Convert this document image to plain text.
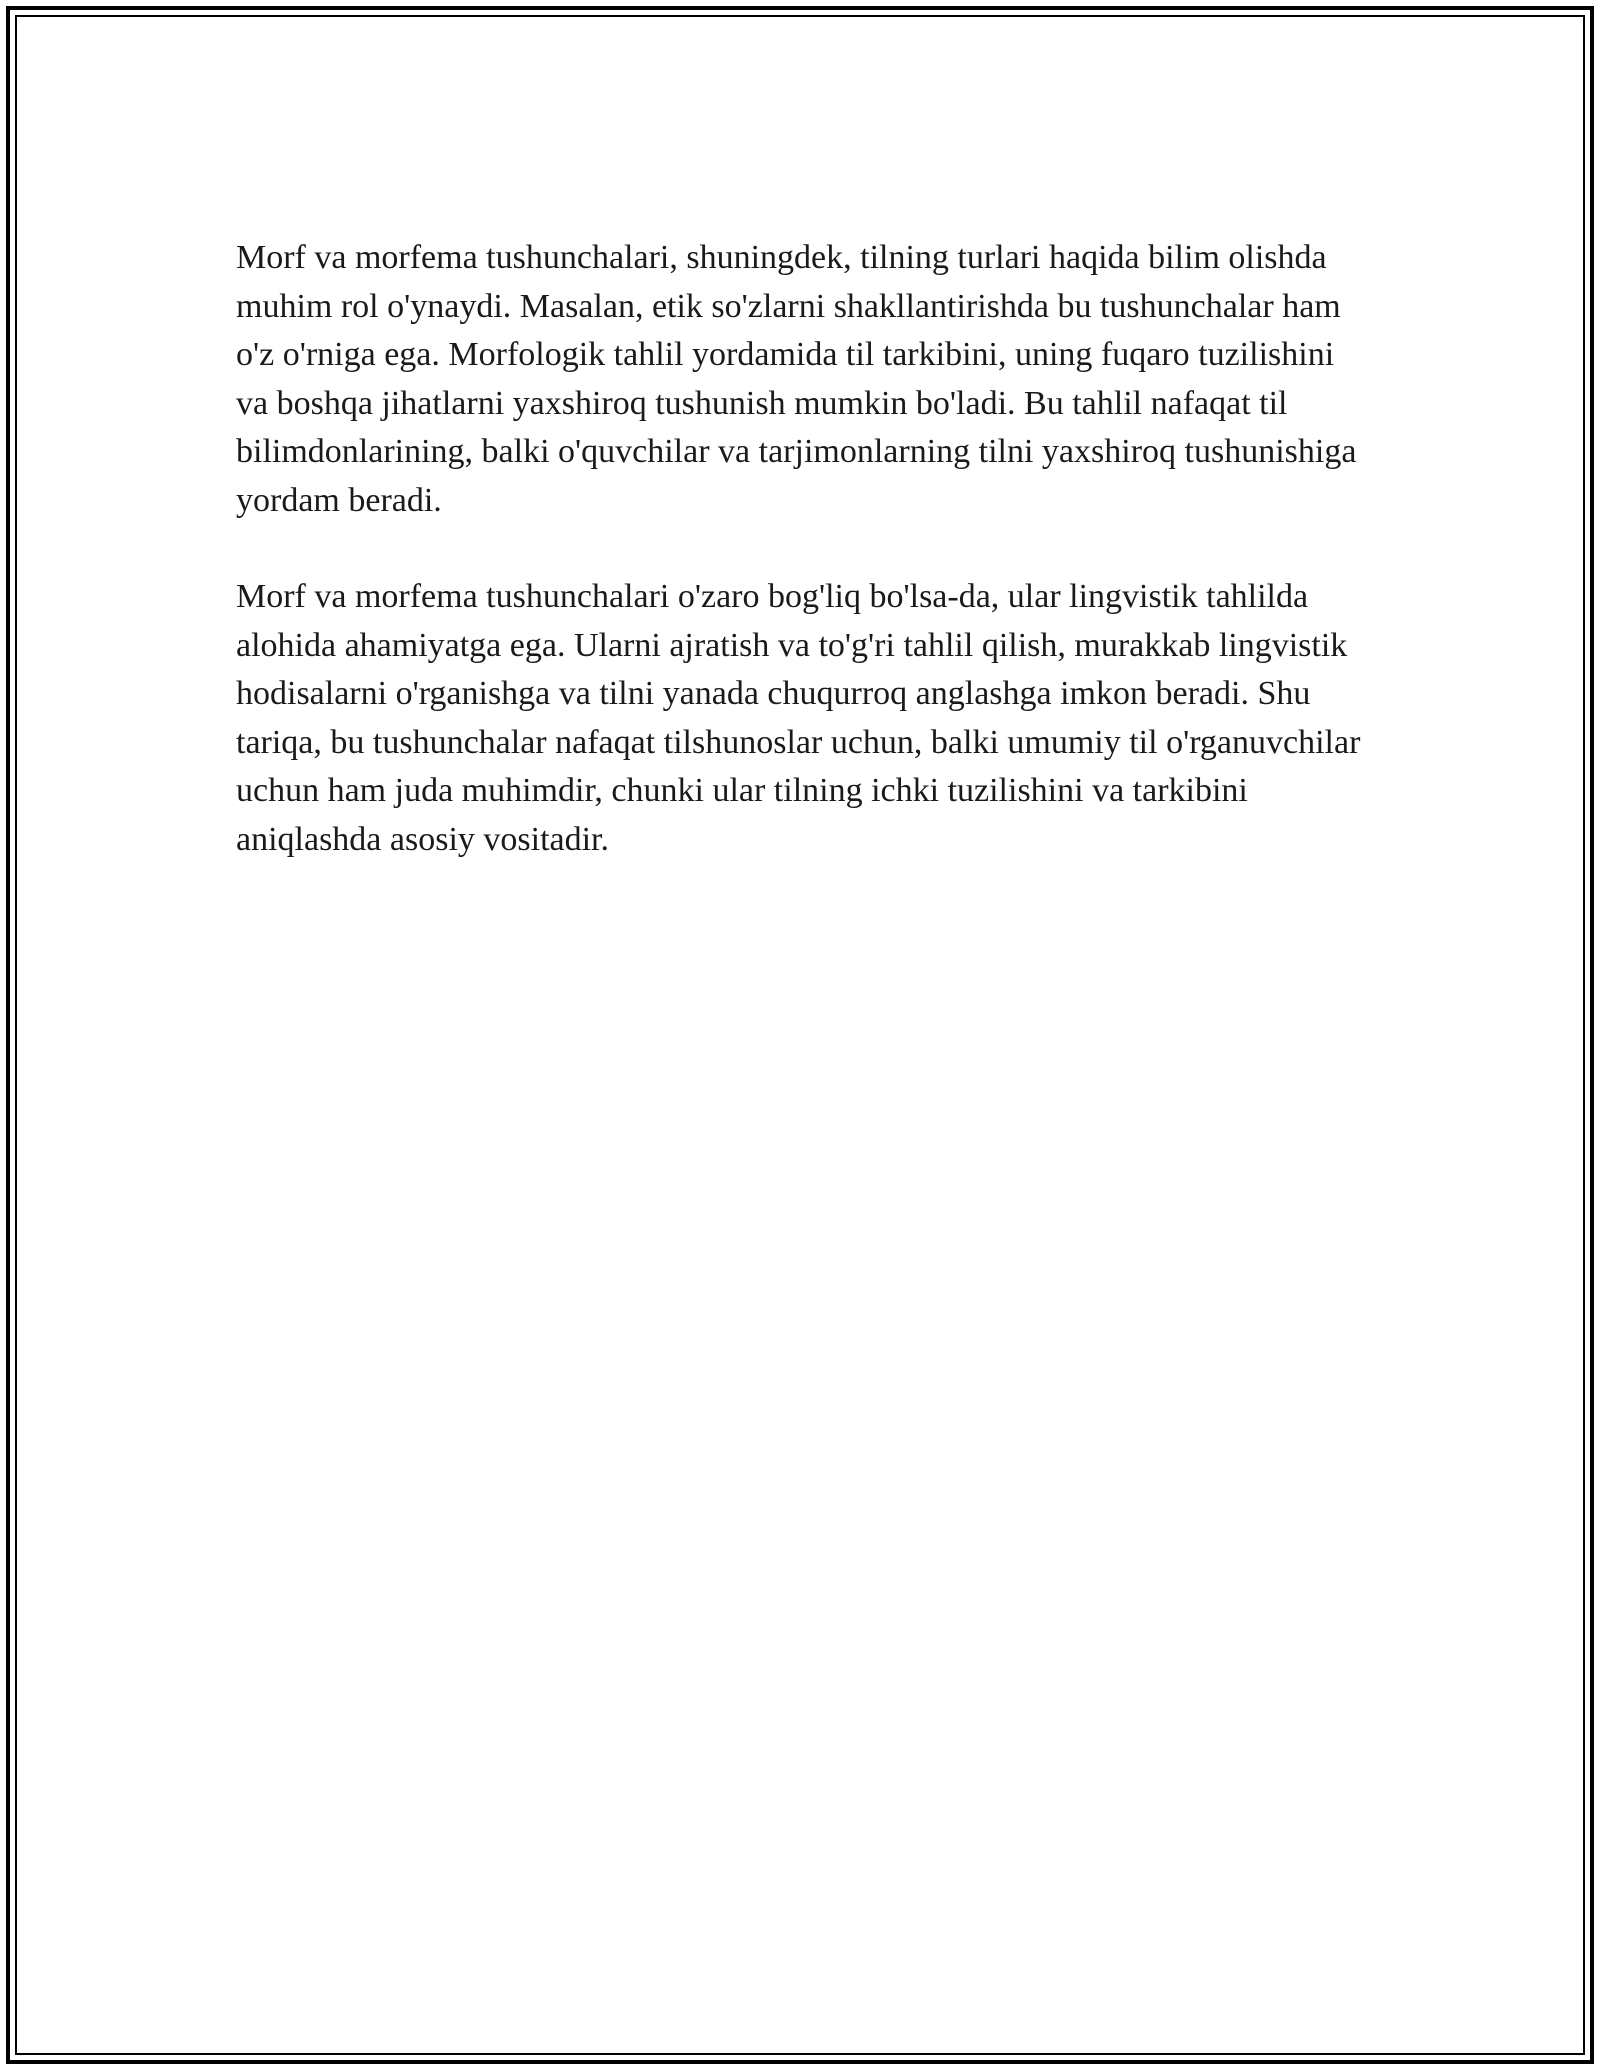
Morf va morfema tushunchalari, shuningdek, tilning turlari haqida bilim olishda muhim rol o'ynaydi. Masalan, etik so'zlarni shakllantirishda bu tushunchalar ham o'z o'rniga ega. Morfologik tahlil yordamida til tarkibini, uning fuqaro tuzilishini va boshqa jihatlarni yaxshiroq tushunish mumkin bo'ladi. Bu tahlil nafaqat til bilimdonlarining, balki o'quvchilar va tarjimonlarning tilni yaxshiroq tushunishiga yordam beradi.

Morf va morfema tushunchalari o'zaro bog'liq bo'lsa-da, ular lingvistik tahlilda alohida ahamiyatga ega. Ularni ajratish va to'g'ri tahlil qilish, murakkab lingvistik hodisalarni o'rganishga va tilni yanada chuqurroq anglashga imkon beradi. Shu tariqa, bu tushunchalar nafaqat tilshunoslar uchun, balki umumiy til o'rganuvchilar uchun ham juda muhimdir, chunki ular tilning ichki tuzilishini va tarkibini aniqlashda asosiy vositadir.
